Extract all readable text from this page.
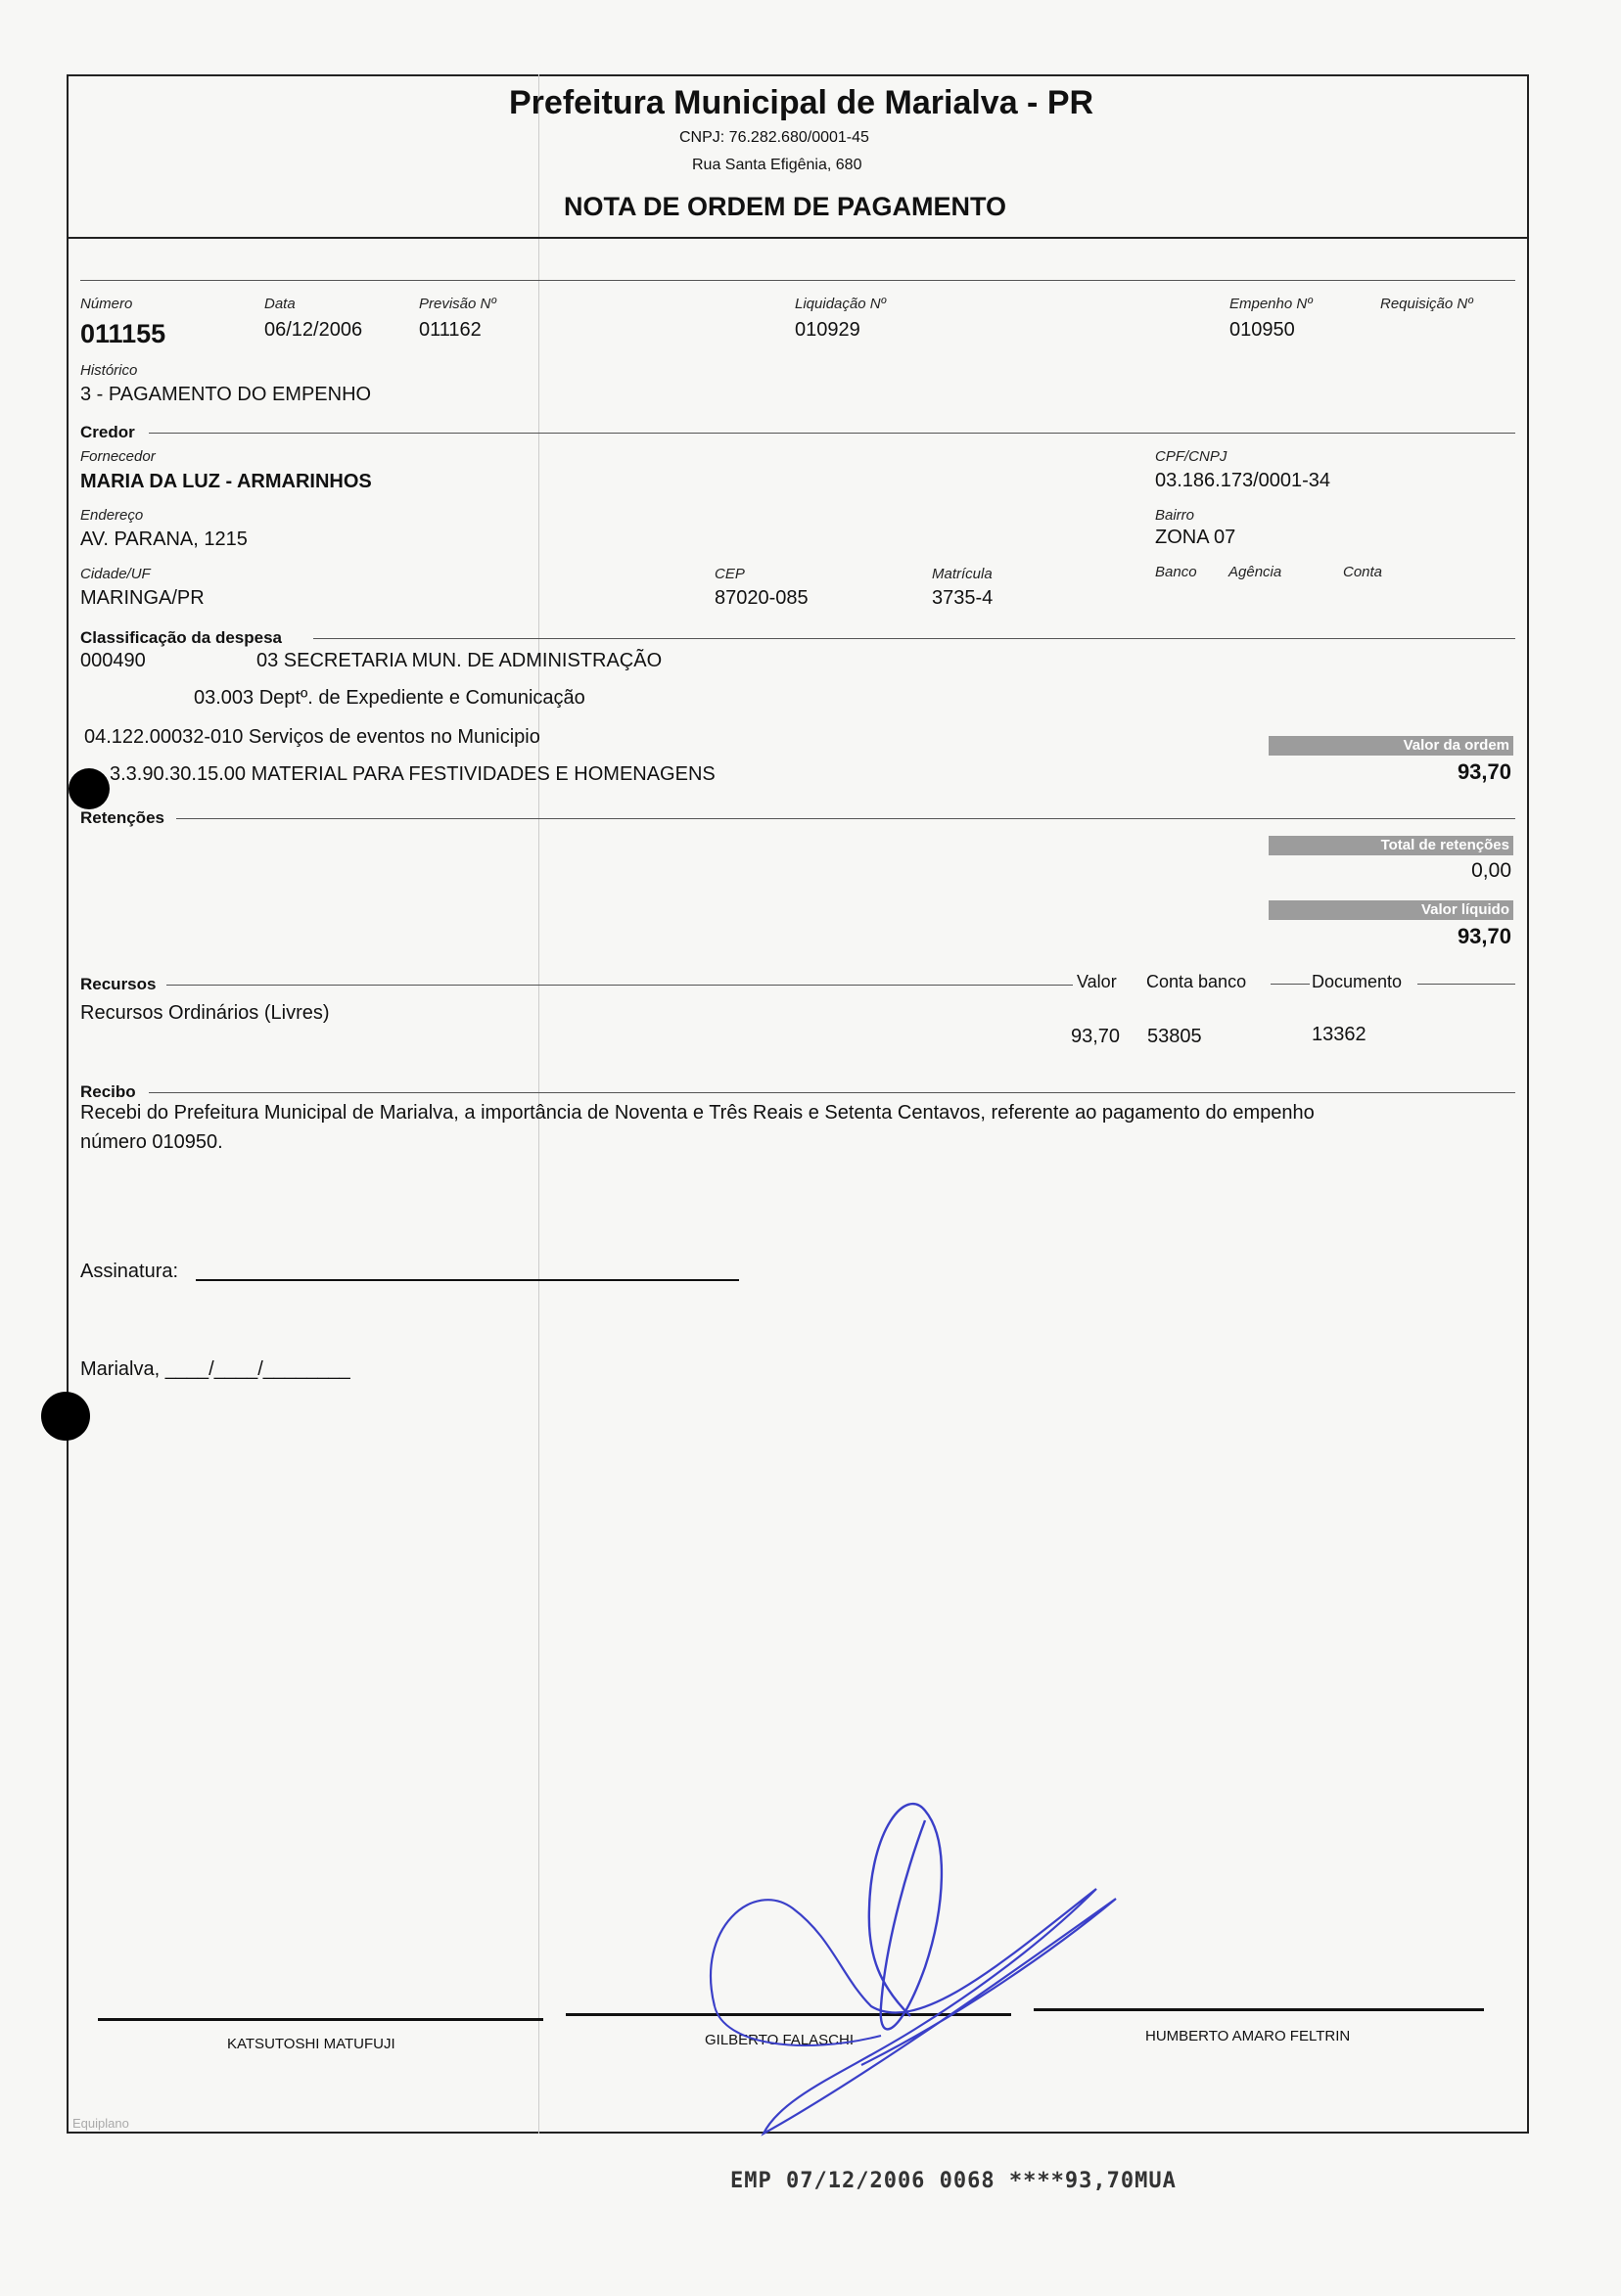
Prefeitura Municipal de Marialva - PR
CNPJ: 76.282.680/0001-45
Rua Santa Efigênia, 680
NOTA DE ORDEM DE PAGAMENTO
Número
011155
Data
06/12/2006
Previsão Nº
011162
Liquidação Nº
010929
Empenho Nº
010950
Requisição Nº
Histórico
3 - PAGAMENTO DO EMPENHO
Credor
Fornecedor
MARIA DA LUZ - ARMARINHOS
CPF/CNPJ
03.186.173/0001-34
Endereço
AV. PARANA, 1215
Bairro
ZONA 07
Cidade/UF
MARINGA/PR
CEP
87020-085
Matrícula
3735-4
Banco Agência	Conta
Classificação da despesa
000490	03 SECRETARIA MUN. DE ADMINISTRAÇÃO
03.003 Deptº. de Expediente e Comunicação
04.122.00032-010 Serviços de eventos no Municipio
3.3.90.30.15.00 MATERIAL PARA FESTIVIDADES E HOMENAGENS
Valor da ordem
93,70
Retenções
Total de retenções
0,00
Valor líquido
93,70
Recursos	Valor Conta banco	Documento
Recursos Ordinários (Livres)
93,70 53805	13362
Recibo
Recebi do Prefeitura Municipal de Marialva, a importância de Noventa e Três Reais e Setenta Centavos, referente ao pagamento do empenho
número 010950.
Assinatura:
Marialva, ____/____/________
KATSUTOSHI MATUFUJI	GILBERTO FALASCHI	HUMBERTO AMARO FELTRIN
Equiplano
EMP 07/12/2006 0068 ****93,70MUA
